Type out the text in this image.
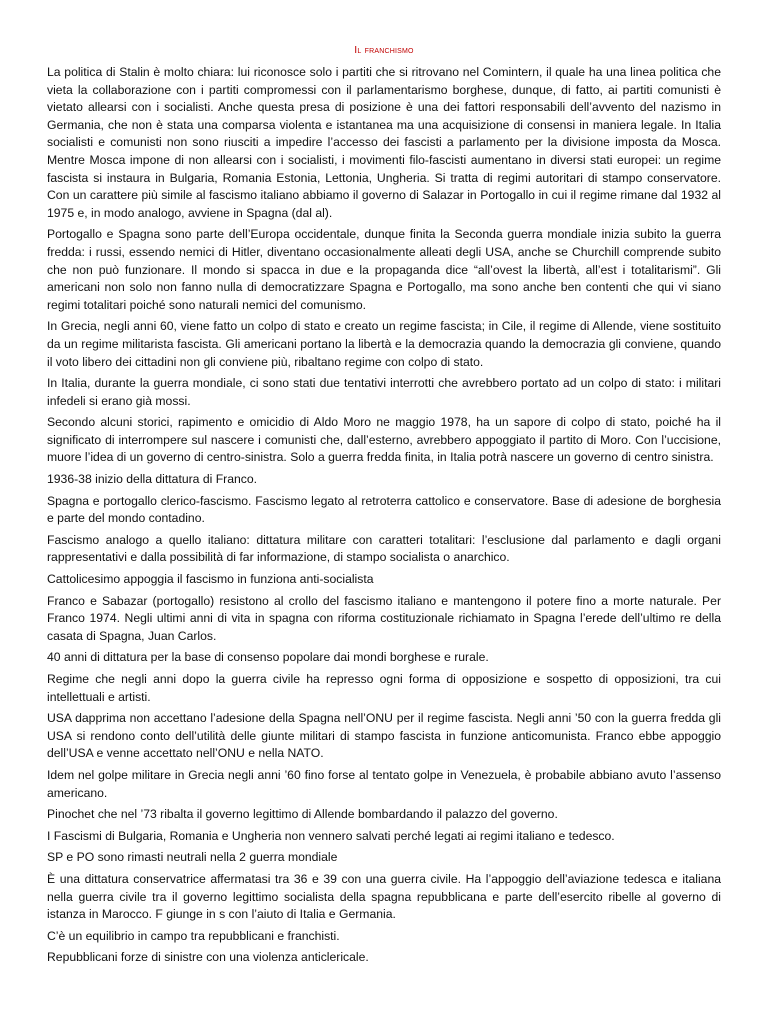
Il franchismo

La politica di Stalin è molto chiara: lui riconosce solo i partiti che si ritrovano nel Comintern, il quale ha una linea politica che vieta la collaborazione con i partiti compromessi con il parlamentarismo borghese, dunque, di fatto, ai partiti comunisti è vietato allearsi con i socialisti. Anche questa presa di posizione è una dei fattori responsabili dell’avvento del nazismo in Germania, che non è stata una comparsa violenta e istantanea ma una acquisizione di consensi in maniera legale. In Italia socialisti e comunisti non sono riusciti a impedire l’accesso dei fascisti a parlamento per la divisione imposta da Mosca. Mentre Mosca impone di non allearsi con i socialisti, i movimenti filo-fascisti aumentano in diversi stati europei: un regime fascista si instaura in Bulgaria, Romania Estonia, Lettonia, Ungheria. Si tratta di regimi autoritari di stampo conservatore. Con un carattere più simile al fascismo italiano abbiamo il governo di Salazar in Portogallo in cui il regime rimane dal 1932 al 1975 e, in modo analogo, avviene in Spagna (dal al).

Portogallo e Spagna sono parte dell’Europa occidentale, dunque finita la Seconda guerra mondiale inizia subito la guerra fredda: i russi, essendo nemici di Hitler, diventano occasionalmente alleati degli USA, anche se Churchill comprende subito che non può funzionare. Il mondo si spacca in due e la propaganda dice “all’ovest la libertà, all’est i totalitarismi”. Gli americani non solo non fanno nulla di democratizzare Spagna e Portogallo, ma sono anche ben contenti che qui vi siano regimi totalitari poiché sono naturali nemici del comunismo.

In Grecia, negli anni 60, viene fatto un colpo di stato e creato un regime fascista; in Cile, il regime di Allende, viene sostituito da un regime militarista fascista. Gli americani portano la libertà e la democrazia quando la democrazia gli conviene, quando il voto libero dei cittadini non gli conviene più, ribaltano regime con colpo di stato.

In Italia, durante la guerra mondiale, ci sono stati due tentativi interrotti che avrebbero portato ad un colpo di stato: i militari infedeli si erano già mossi.

Secondo alcuni storici, rapimento e omicidio di Aldo Moro ne maggio 1978, ha un sapore di colpo di stato, poiché ha il significato di interrompere sul nascere i comunisti che, dall’esterno, avrebbero appoggiato il partito di Moro. Con l’uccisione, muore l’idea di un governo di centro-sinistra. Solo a guerra fredda finita, in Italia potrà nascere un governo di centro sinistra.

1936-38 inizio della dittatura di Franco.

Spagna e portogallo clerico-fascismo. Fascismo legato al retroterra cattolico e conservatore. Base di adesione de borghesia e parte del mondo contadino.

Fascismo analogo a quello italiano: dittatura militare con caratteri totalitari: l’esclusione dal parlamento e dagli organi rappresentativi e dalla possibilità di far informazione, di stampo socialista o anarchico.

Cattolicesimo appoggia il fascismo in funziona anti-socialista

Franco e Sabazar (portogallo) resistono al crollo del fascismo italiano e mantengono il potere fino a morte naturale. Per Franco 1974. Negli ultimi anni di vita in spagna con riforma costituzionale richiamato in Spagna l’erede dell’ultimo re della casata di Spagna, Juan Carlos.

40 anni di dittatura per la base di consenso popolare dai mondi borghese e rurale.

Regime che negli anni dopo la guerra civile ha represso ogni forma di opposizione e sospetto di opposizioni, tra cui intellettuali e artisti.

USA dapprima non accettano l’adesione della Spagna nell’ONU per il regime fascista. Negli anni ’50 con la guerra fredda gli USA si rendono conto dell’utilità delle giunte militari di stampo fascista in funzione anticomunista. Franco ebbe appoggio dell’USA e venne accettato nell’ONU e nella NATO.

Idem nel golpe militare in Grecia negli anni ’60 fino forse al tentato golpe in Venezuela, è probabile abbiano avuto l’assenso americano.

Pinochet che nel ’73 ribalta il governo legittimo di Allende bombardando il palazzo del governo.

I Fascismi di Bulgaria, Romania e Ungheria non vennero salvati perché legati ai regimi italiano e tedesco.

SP e PO sono rimasti neutrali nella 2 guerra mondiale

È una dittatura conservatrice affermatasi tra 36 e 39 con una guerra civile. Ha l’appoggio dell’aviazione tedesca e italiana nella guerra civile tra il governo legittimo socialista della spagna repubblicana e parte dell’esercito ribelle al governo di istanza in Marocco. F giunge in s con l’aiuto di Italia e Germania.

C’è un equilibrio in campo tra repubblicani e franchisti.

Repubblicani forze di sinistre con una violenza anticlericale.
